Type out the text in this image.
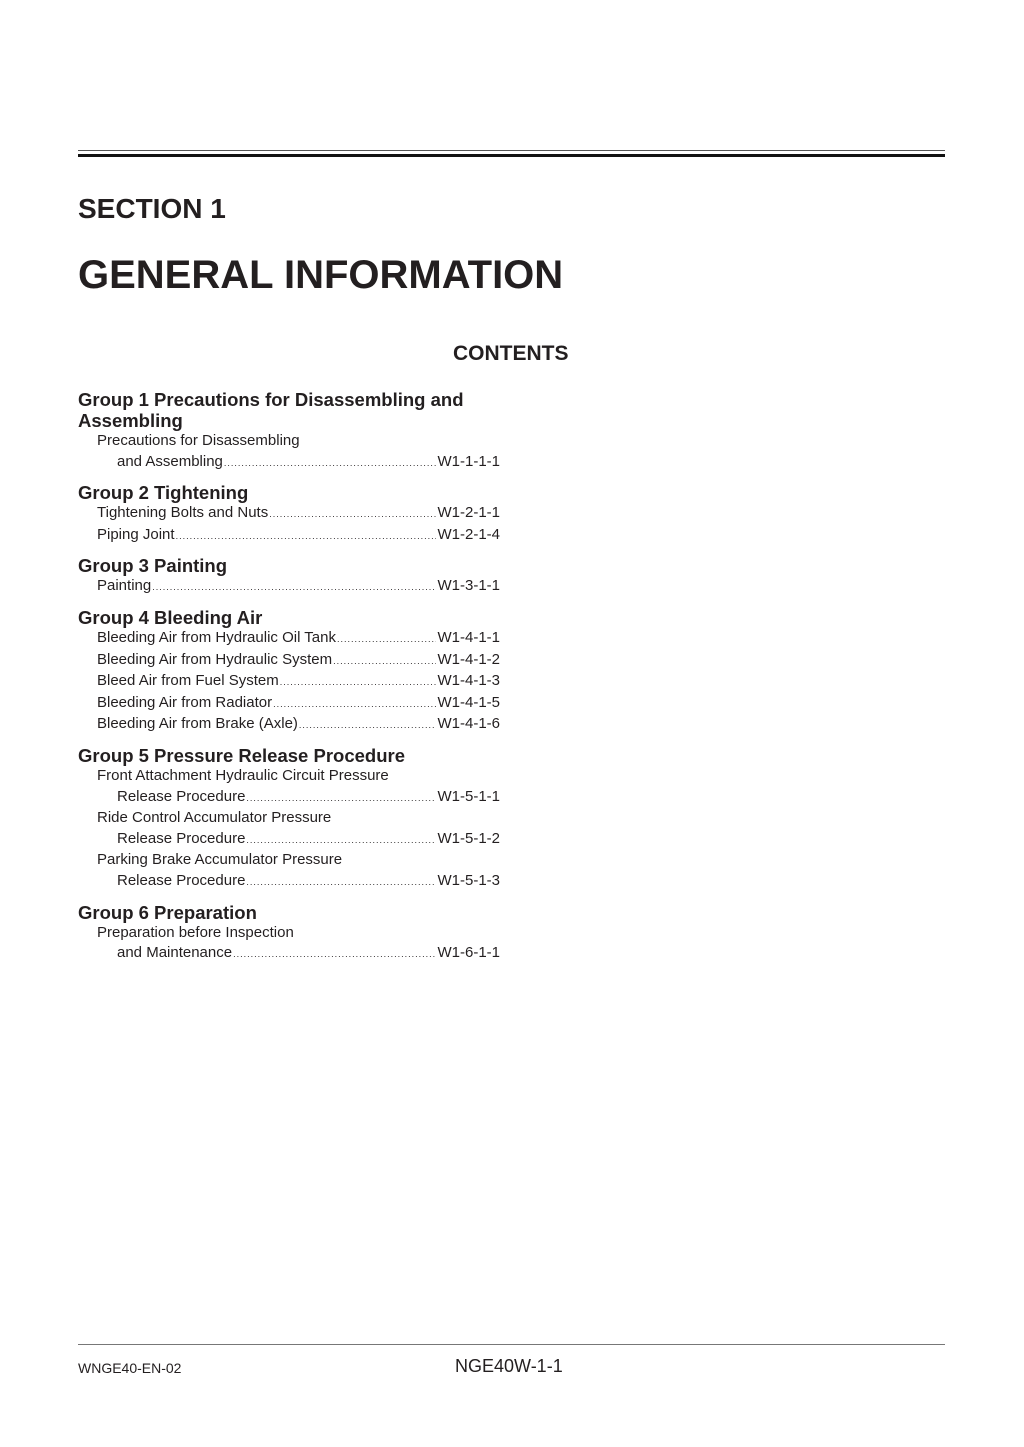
SECTION 1
GENERAL INFORMATION
CONTENTS
Group 1 Precautions for Disassembling and
Assembling
Precautions for Disassembling
and Assembling .....	W1-1-1-1
Group 2 Tightening
Tightening Bolts and Nuts .....	W1-2-1-1
Piping Joint .....	W1-2-1-4
Group 3 Painting
Painting .....	W1-3-1-1
Group 4 Bleeding Air
Bleeding Air from Hydraulic Oil Tank .....	W1-4-1-1
Bleeding Air from Hydraulic System .....	W1-4-1-2
Bleed Air from Fuel System .....	W1-4-1-3
Bleeding Air from Radiator .....	W1-4-1-5
Bleeding Air from Brake (Axle) .....	W1-4-1-6
Group 5 Pressure Release Procedure
Front Attachment Hydraulic Circuit Pressure
Release Procedure .....	W1-5-1-1
Ride Control Accumulator Pressure
Release Procedure .....	W1-5-1-2
Parking Brake Accumulator Pressure
Release Procedure .....	W1-5-1-3
Group 6 Preparation
Preparation before Inspection
and Maintenance .....	W1-6-1-1
WNGE40-EN-02	NGE40W-1-1
